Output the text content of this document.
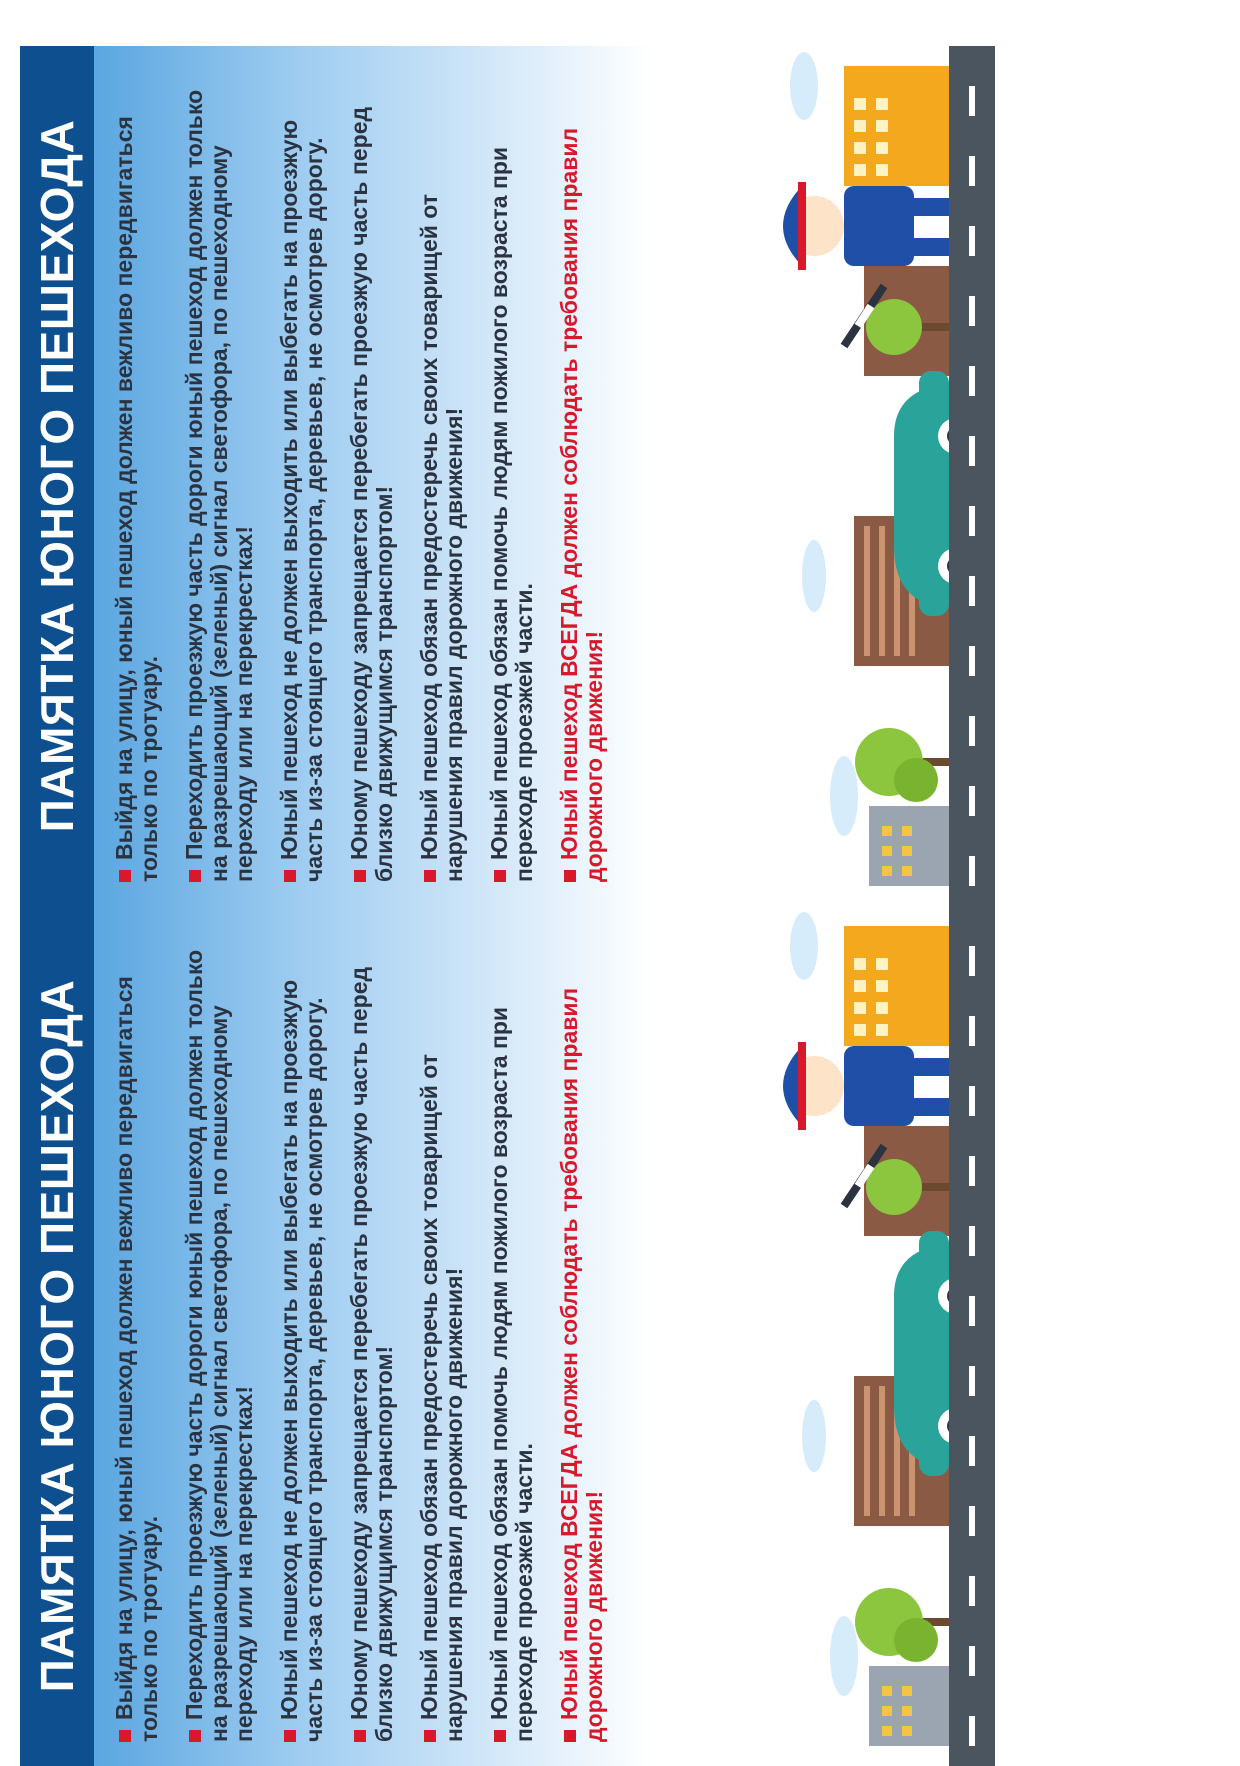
ПАМЯТКА ЮНОГО ПЕШЕХОДА	Выйдя на улицу, юный пешеход должен вежливо передвигаться только по тротуару. Переходить проезжую часть дороги юный пешеход должен только на разрешающий (зеленый) сигнал светофора, по пешеходному переходу или на перекрестках! Юный пешеход не должен выходить или выбегать на проезжую часть из-за стоящего транспорта, деревьев, не осмотрев дорогу. Юному пешеходу запрещается перебегать проезжую часть перед близко движущимся транспортом! Юный пешеход обязан предостеречь своих товарищей от нарушения правил дорожного движения! Юный пешеход обязан помочь людям пожилого возраста при переходе проезжей части. Юный пешеход ВСЕГДА должен соблюдать требования правил дорожного движения!
ПАМЯТКА ЮНОГО ПЕШЕХОДА	Выйдя на улицу, юный пешеход должен вежливо передвигаться только по тротуару. Переходить проезжую часть дороги юный пешеход должен только на разрешающий (зеленый) сигнал светофора, по пешеходному переходу или на перекрестках! Юный пешеход не должен выходить или выбегать на проезжую часть из-за стоящего транспорта, деревьев, не осмотрев дорогу. Юному пешеходу запрещается перебегать проезжую часть перед близко движущимся транспортом! Юный пешеход обязан предостеречь своих товарищей от нарушения правил дорожного движения! Юный пешеход обязан помочь людям пожилого возраста при переходе проезжей части. Юный пешеход ВСЕГДА должен соблюдать требования правил дорожного движения!
